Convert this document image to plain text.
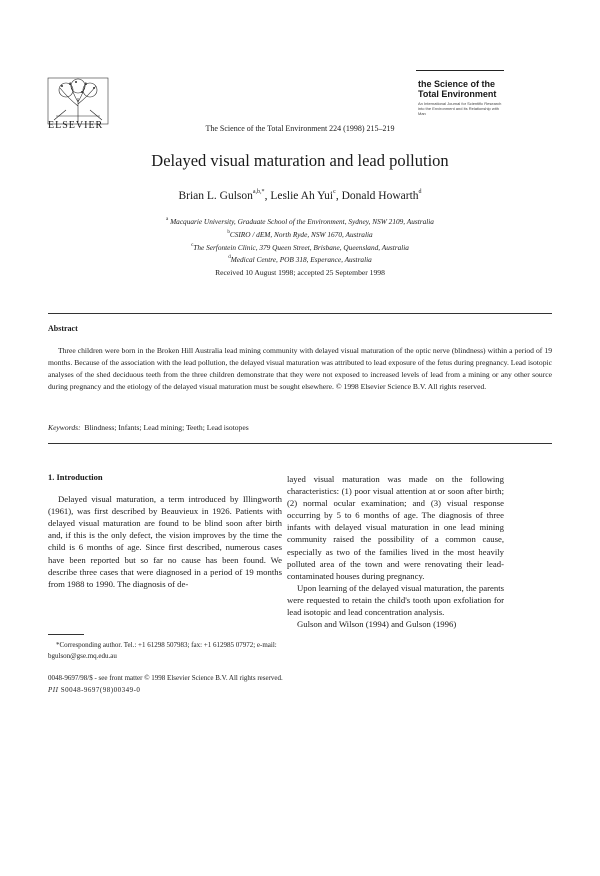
ELSEVIER	The Science of the Total Environment 224 (1998) 215–219
the Science of the
Total Environment
An International Journal for Scientific Research into the Environment and its Relationship with Man
Delayed visual maturation and lead pollution
Brian L. Gulson$^{a,b,*}$, Leslie Ah Yui$^c$, Donald Howarth$^d$
$^a$ Macquarie University, Graduate School of the Environment, Sydney, NSW 2109, Australia
$^b$CSIRO / dEM, North Ryde, NSW 1670, Australia
$^c$The Serfontein Clinic, 379 Queen Street, Brisbane, Queensland, Australia
$^d$Medical Centre, POB 318, Esperance, Australia
Received 10 August 1998; accepted 25 September 1998
Abstract
Three children were born in the Broken Hill Australia lead mining community with delayed visual maturation of the optic nerve (blindness) within a period of 19 months. Because of the association with the lead pollution, the delayed visual maturation was attributed to lead exposure of the fetus during pregnancy. Lead isotopic analyses of the shed deciduous teeth from the three children demonstrate that they were not exposed to increased levels of lead from a mining or any other source during pregnancy and the etiology of the delayed visual maturation must be sought elsewhere. © 1998 Elsevier Science B.V. All rights reserved.
Keywords: Blindness; Infants; Lead mining; Teeth; Lead isotopes
1. Introduction

Delayed visual maturation, a term introduced by Illingworth (1961), was first described by Beauvieux in 1926. Patients with delayed visual maturation are found to be blind soon after birth and, if this is the only defect, the vision improves by the time the child is 6 months of age. Since first described, numerous cases have been reported but so far no cause has been found. We describe three cases that were diagnosed in a period of 19 months from 1988 to 1990. The diagnosis of de-

layed visual maturation was made on the following characteristics: (1) poor visual attention at or soon after birth; (2) normal ocular examination; and (3) visual response occurring by 5 to 6 months of age. The diagnosis of three infants with delayed visual maturation in one lead mining community raised the possibility of a common cause, especially as two of the families lived in the most heavily polluted area of the town and were renovating their lead-contaminated houses during pregnancy.

Upon learning of the delayed visual maturation, the parents were requested to retain the child's tooth upon exfoliation for lead isotopic and lead concentration analysis.

Gulson and Wilson (1994) and Gulson (1996)

*Corresponding author. Tel.: +1 61298 507983; fax: +1 612985 07972; e-mail: bgulson@gse.mq.edu.au
0048-9697/98/$ - see front matter © 1998 Elsevier Science B.V. All rights reserved.
PII S0048-9697(98)00349-0
